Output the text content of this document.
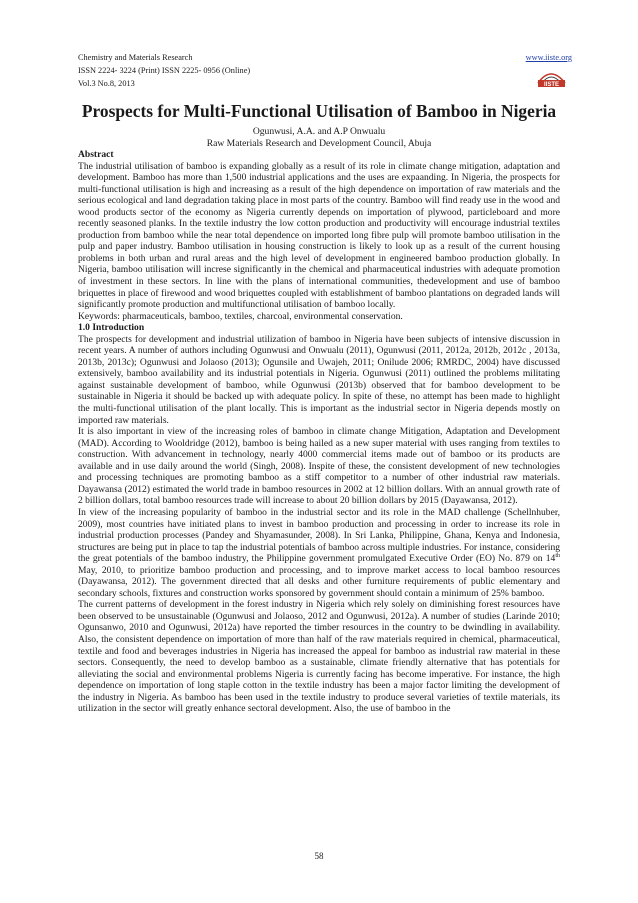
Chemistry and Materials Research
ISSN 2224- 3224 (Print) ISSN 2225- 0956 (Online)
Vol.3 No.8, 2013
www.iiste.org
IISTE
Prospects for Multi-Functional Utilisation of Bamboo in Nigeria
Ogunwusi, A.A. and A.P Onwualu
Raw Materials Research and Development Council, Abuja

Abstract

The industrial utilisation of bamboo is expanding globally as a result of its role in climate change mitigation, adaptation and development. Bamboo has more than 1,500 industrial applications and the uses are expaanding. In Nigeria, the prospects for multi-functional utilisation is high and increasing as a result of the high dependence on importation of raw materials and the serious ecological and land degradation taking place in most parts of the country. Bamboo will find ready use in the wood and wood products sector of the economy as Nigeria currently depends on importation of plywood, particleboard and more recently seasoned planks. In the textile industry the low cotton production and productivity will encourage industrial textiles production from bamboo while the near total dependence on imported long fibre pulp will promote bamboo utilisation in the pulp and paper industry. Bamboo utilisation in housing construction is likely to look up as a result of the current housing problems in both urban and rural areas and the high level of development in engineered bamboo production globally. In Nigeria, bamboo utilisation will increse significantly in the chemical and pharmaceutical industries with adequate promotion of investment in these sectors. In line with the plans of international communities, thedevelopment and use of bamboo briquettes in place of firewood and wood briquettes coupled with establishment of bamboo plantations on degraded lands will significantly promote production and multifunctional utilisation of bamboo locally.

Keywords: pharmaceuticals, bamboo, textiles, charcoal, environmental conservation.

1.0 Introduction

The prospects for development and industrial utilization of bamboo in Nigeria have been subjects of intensive discussion in recent years. A number of authors including Ogunwusi and Onwualu (2011), Ogunwusi (2011, 2012a, 2012b, 2012c , 2013a, 2013b, 2013c); Ogunwusi and Jolaoso (2013); Ogunsile and Uwajeh, 2011; Onilude 2006; RMRDC, 2004) have discussed extensively, bamboo availability and its industrial potentials in Nigeria. Ogunwusi (2011) outlined the problems militating against sustainable development of bamboo, while Ogunwusi (2013b) observed that for bamboo development to be sustainable in Nigeria it should be backed up with adequate policy. In spite of these, no attempt has been made to highlight the multi-functional utilisation of the plant locally. This is important as the industrial sector in Nigeria depends mostly on imported raw materials.

It is also important in view of the increasing roles of bamboo in climate change Mitigation, Adaptation and Development (MAD). According to Wooldridge (2012), bamboo is being hailed as a new super material with uses ranging from textiles to construction. With advancement in technology, nearly 4000 commercial items made out of bamboo or its products are available and in use daily around the world (Singh, 2008). Inspite of these, the consistent development of new technologies and processing techniques are promoting bamboo as a stiff competitor to a number of other industrial raw materials. Dayawansa (2012) estimated the world trade in bamboo resources in 2002 at 12 billion dollars. With an annual growth rate of 2 billion dollars, total bamboo resources trade will increase to about 20 billion dollars by 2015 (Dayawansa, 2012).

In view of the increasing popularity of bamboo in the industrial sector and its role in the MAD challenge (Schellnhuber, 2009), most countries have initiated plans to invest in bamboo production and processing in order to increase its role in industrial production processes (Pandey and Shyamasunder, 2008). In Sri Lanka, Philippine, Ghana, Kenya and Indonesia, structures are being put in place to tap the industrial potentials of bamboo across multiple industries. For instance, considering the great potentials of the bamboo industry, the Philippine government promulgated Executive Order (EO) No. 879 on 14th May, 2010, to prioritize bamboo production and processing, and to improve market access to local bamboo resources (Dayawansa, 2012). The government directed that all desks and other furniture requirements of public elementary and secondary schools, fixtures and construction works sponsored by government should contain a minimum of 25% bamboo.

The current patterns of development in the forest industry in Nigeria which rely solely on diminishing forest resources have been observed to be unsustainable (Ogunwusi and Jolaoso, 2012 and Ogunwusi, 2012a). A number of studies (Larinde 2010; Ogunsanwo, 2010 and Ogunwusi, 2012a) have reported the timber resources in the country to be dwindling in availability. Also, the consistent dependence on importation of more than half of the raw materials required in chemical, pharmaceutical, textile and food and beverages industries in Nigeria has increased the appeal for bamboo as industrial raw material in these sectors. Consequently, the need to develop bamboo as a sustainable, climate friendly alternative that has potentials for alleviating the social and environmental problems Nigeria is currently facing has become imperative. For instance, the high dependence on importation of long staple cotton in the textile industry has been a major factor limiting the development of the industry in Nigeria. As bamboo has been used in the textile industry to produce several varieties of textile materials, its utilization in the sector will greatly enhance sectoral development. Also, the use of bamboo in the

58
